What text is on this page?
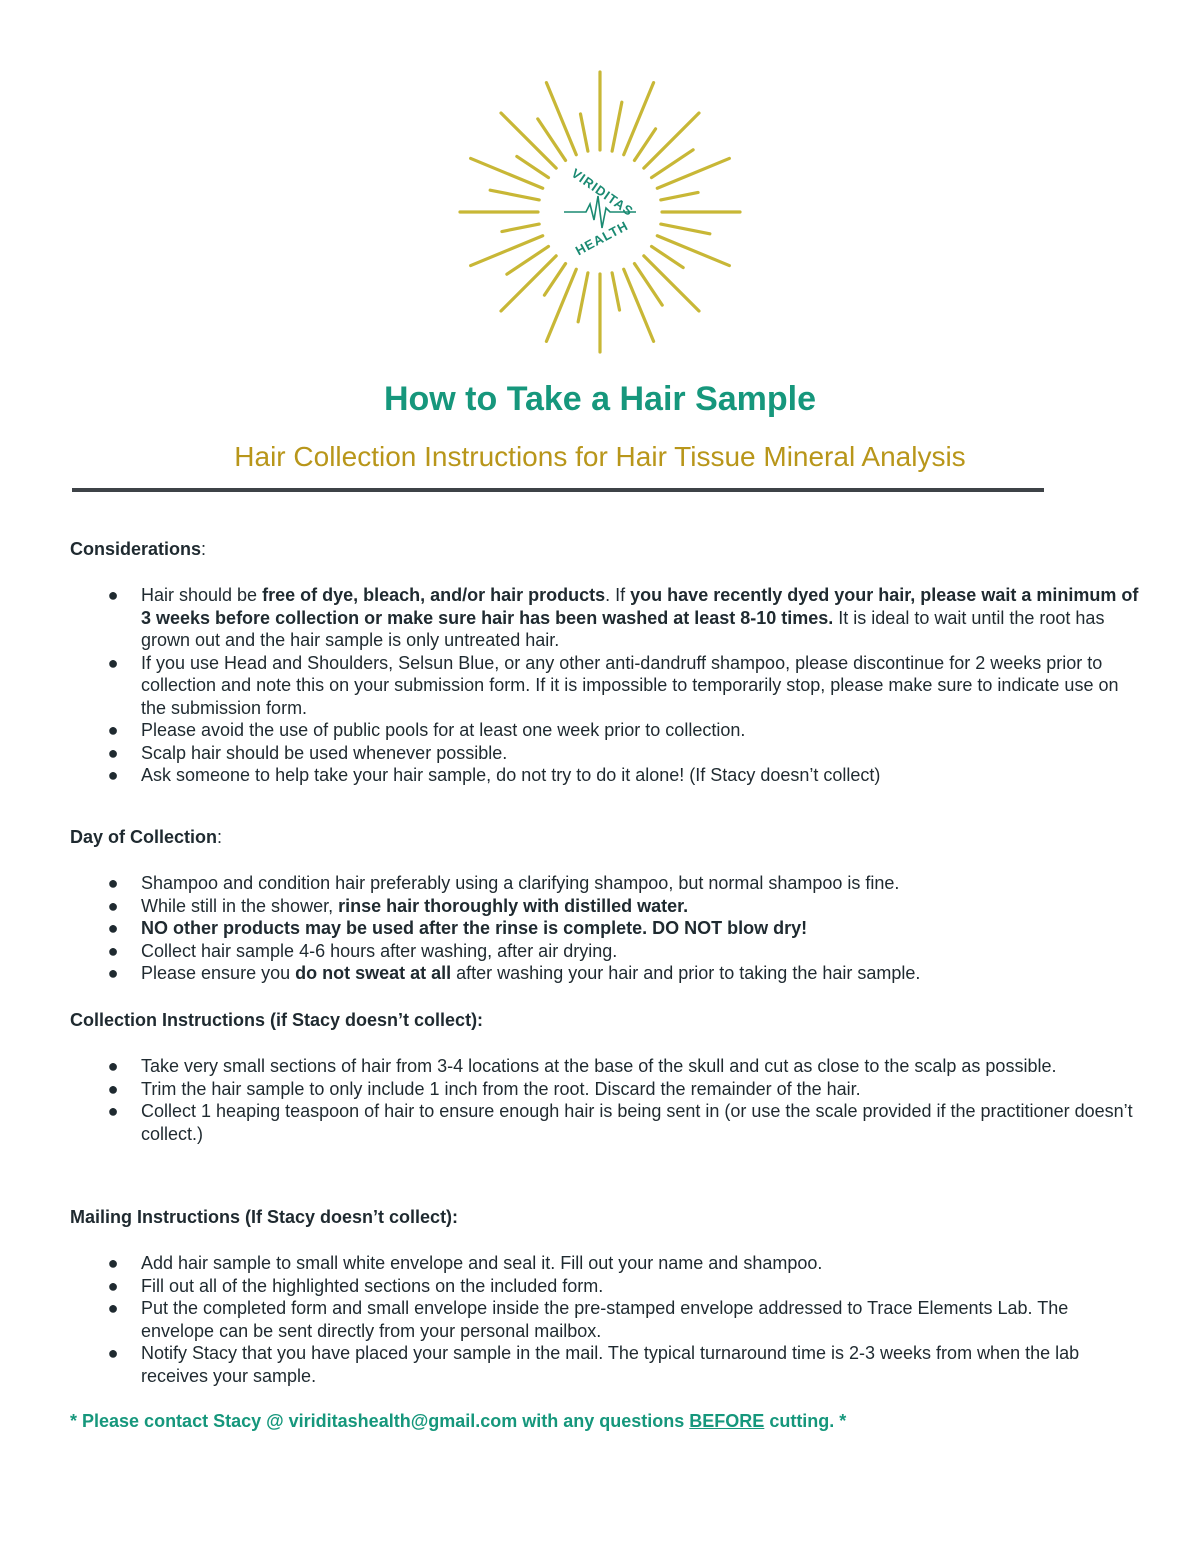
VIRIDITAS
HEALTH
How to Take a Hair Sample
Hair Collection Instructions for Hair Tissue Mineral Analysis
Considerations:
● Hair should be free of dye, bleach, and/or hair products. If you have recently dyed your hair, please wait a minimum of 3 weeks before collection or make sure hair has been washed at least 8-10 times. It is ideal to wait until the root has grown out and the hair sample is only untreated hair.
● If you use Head and Shoulders, Selsun Blue, or any other anti-dandruff shampoo, please discontinue for 2 weeks prior to collection and note this on your submission form. If it is impossible to temporarily stop, please make sure to indicate use on the submission form.
● Please avoid the use of public pools for at least one week prior to collection.
● Scalp hair should be used whenever possible.
● Ask someone to help take your hair sample, do not try to do it alone! (If Stacy doesn’t collect)
Day of Collection:
● Shampoo and condition hair preferably using a clarifying shampoo, but normal shampoo is fine.
● While still in the shower, rinse hair thoroughly with distilled water.
● NO other products may be used after the rinse is complete. DO NOT blow dry!
● Collect hair sample 4-6 hours after washing, after air drying.
● Please ensure you do not sweat at all after washing your hair and prior to taking the hair sample.
Collection Instructions (if Stacy doesn’t collect):
● Take very small sections of hair from 3-4 locations at the base of the skull and cut as close to the scalp as possible.
● Trim the hair sample to only include 1 inch from the root. Discard the remainder of the hair.
● Collect 1 heaping teaspoon of hair to ensure enough hair is being sent in (or use the scale provided if the practitioner doesn’t collect.)
Mailing Instructions (If Stacy doesn’t collect):
● Add hair sample to small white envelope and seal it. Fill out your name and shampoo.
● Fill out all of the highlighted sections on the included form.
● Put the completed form and small envelope inside the pre-stamped envelope addressed to Trace Elements Lab. The envelope can be sent directly from your personal mailbox.
● Notify Stacy that you have placed your sample in the mail. The typical turnaround time is 2-3 weeks from when the lab receives your sample.
* Please contact Stacy @ viriditashealth@gmail.com with any questions BEFORE cutting. *
